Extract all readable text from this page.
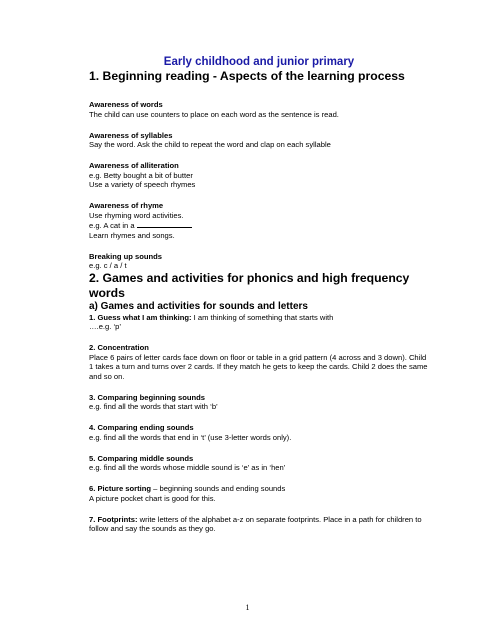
Early childhood and junior primary

1. Beginning reading - Aspects of the learning process

Awareness of words

The child can use counters to place on each word as the sentence is read.

Awareness of syllables

Say the word. Ask the child to repeat the word and clap on each syllable

Awareness of alliteration

e.g. Betty bought a bit of butter

Use a variety of speech rhymes

Awareness of rhyme

Use rhyming word activities.

e.g. A cat in a

Learn rhymes and songs.

Breaking up sounds

e.g. c / a / t

2. Games and activities for phonics and high frequency words
a) Games and activities for sounds and letters

1. Guess what I am thinking: I am thinking of something that starts with

….e.g. ‘p’

2. Concentration

Place 6 pairs of letter cards face down on floor or table in a grid pattern (4 across and 3 down). Child 1 takes a turn and turns over 2 cards. If they match he gets to keep the cards. Child 2 does the same and so on.

3. Comparing beginning sounds

e.g. find all the words that start with ‘b’

4. Comparing ending sounds

e.g. find all the words that end in ‘t’ (use 3-letter words only).

5. Comparing middle sounds

e.g. find all the words whose middle sound is ‘e’ as in ‘hen’

6. Picture sorting – beginning sounds and ending sounds

A picture pocket chart is good for this.

7. Footprints: write letters of the alphabet a-z on separate footprints. Place in a path for children to follow and say the sounds as they go.

1
